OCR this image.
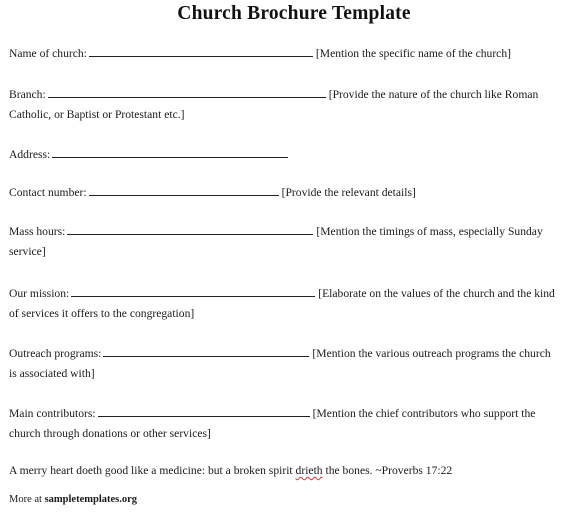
Church Brochure Template
Name of church:	[Mention the specific name of the church]
Branch:	[Provide the nature of the church like Roman
Catholic, or Baptist or Protestant etc.]
Address:
Contact number:	[Provide the relevant details]
Mass hours:	[Mention the timings of mass, especially Sunday
service]
Our mission:	[Elaborate on the values of the church and the kind
of services it offers to the congregation]
Outreach programs:	[Mention the various outreach programs the church
is associated with]
Main contributors:	[Mention the chief contributors who support the
church through donations or other services]
A merry heart doeth good like a medicine: but a broken spirit drieth the bones. ~Proverbs 17:22
More at sampletemplates.org
